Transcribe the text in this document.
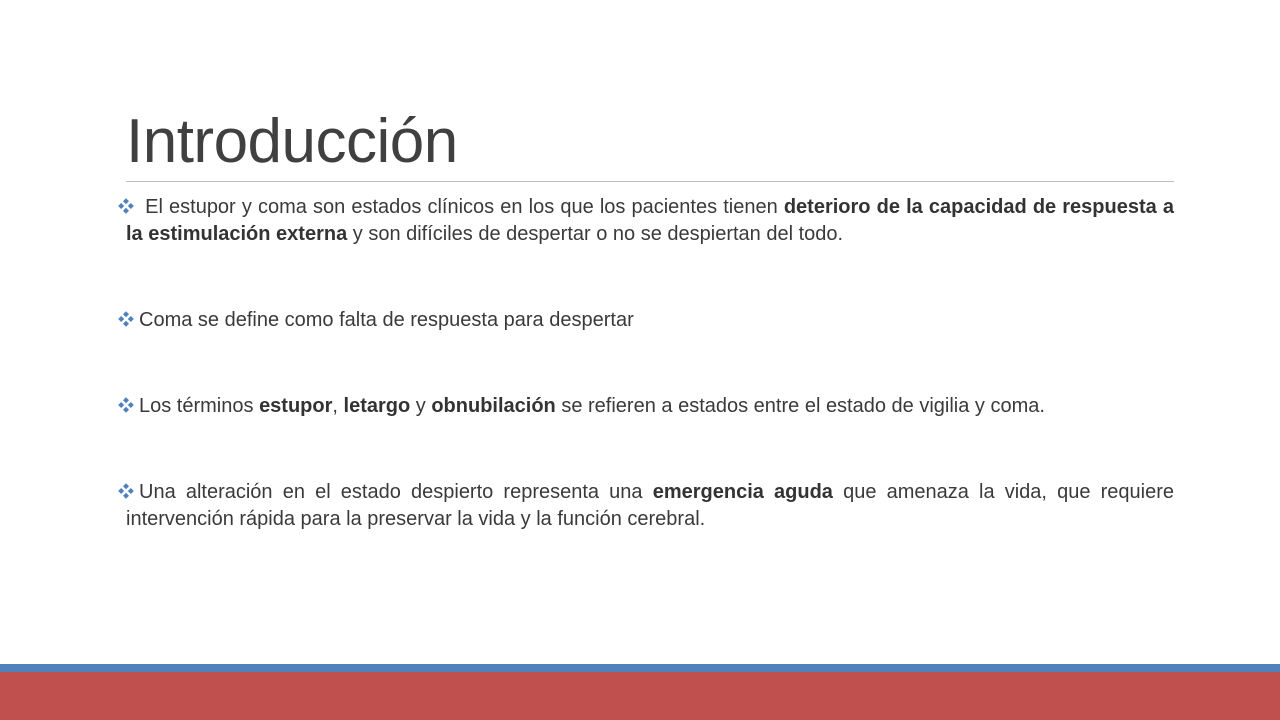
Introducción
El estupor y coma son estados clínicos en los que los pacientes tienen deterioro de la capacidad de respuesta a la estimulación externa y son difíciles de despertar o no se despiertan del todo.
Coma se define como falta de respuesta para despertar
Los términos estupor, letargo y obnubilación se refieren a estados entre el estado de vigilia y coma.
Una alteración en el estado despierto representa una emergencia aguda que amenaza la vida, que requiere intervención rápida para la preservar la vida y la función cerebral.
